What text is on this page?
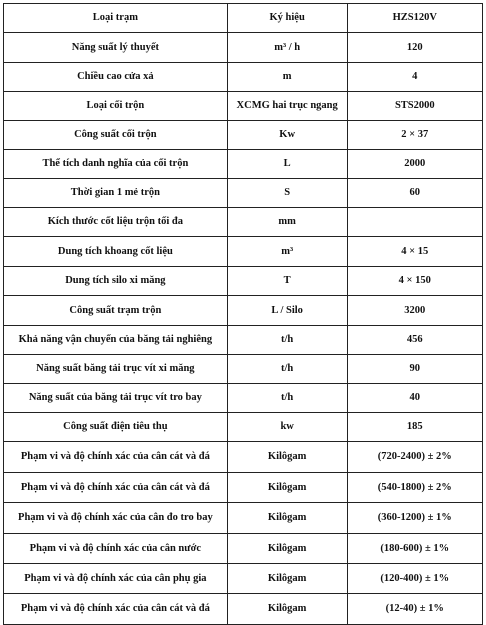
Loại trạm	Ký hiệu	HZS120V
Năng suất lý thuyết	m³ / h	120
Chiều cao cửa xả	m	4
Loại cối trộn	XCMG hai trục ngang	STS2000
Công suất cối trộn	Kw	2 × 37
Thể tích danh nghĩa của cối trộn	L	2000
Thời gian 1 mẻ trộn	S	60
Kích thước cốt liệu trộn tối đa	mm	
Dung tích khoang cốt liệu	m³	4 × 15
Dung tích silo xi măng	T	4 × 150
Công suất trạm trộn	L / Silo	3200
Khả năng vận chuyển của băng tải nghiêng	t/h	456
Năng suất băng tải trục vít xi măng	t/h	90
Năng suất của băng tải trục vít tro bay	t/h	40
Công suất điện tiêu thụ	kw	185
Phạm vi và độ chính xác của cân cát và đá	Kilôgam	(720-2400) ± 2%
Phạm vi và độ chính xác của cân cát và đá	Kilôgam	(540-1800) ± 2%
Phạm vi và độ chính xác của cân đo tro bay	Kilôgam	(360-1200) ± 1%
Phạm vi và độ chính xác của cân nước	Kilôgam	(180-600) ± 1%
Phạm vi và độ chính xác của cân phụ gia	Kilôgam	(120-400) ± 1%
Phạm vi và độ chính xác của cân cát và đá	Kilôgam	(12-40) ± 1%
